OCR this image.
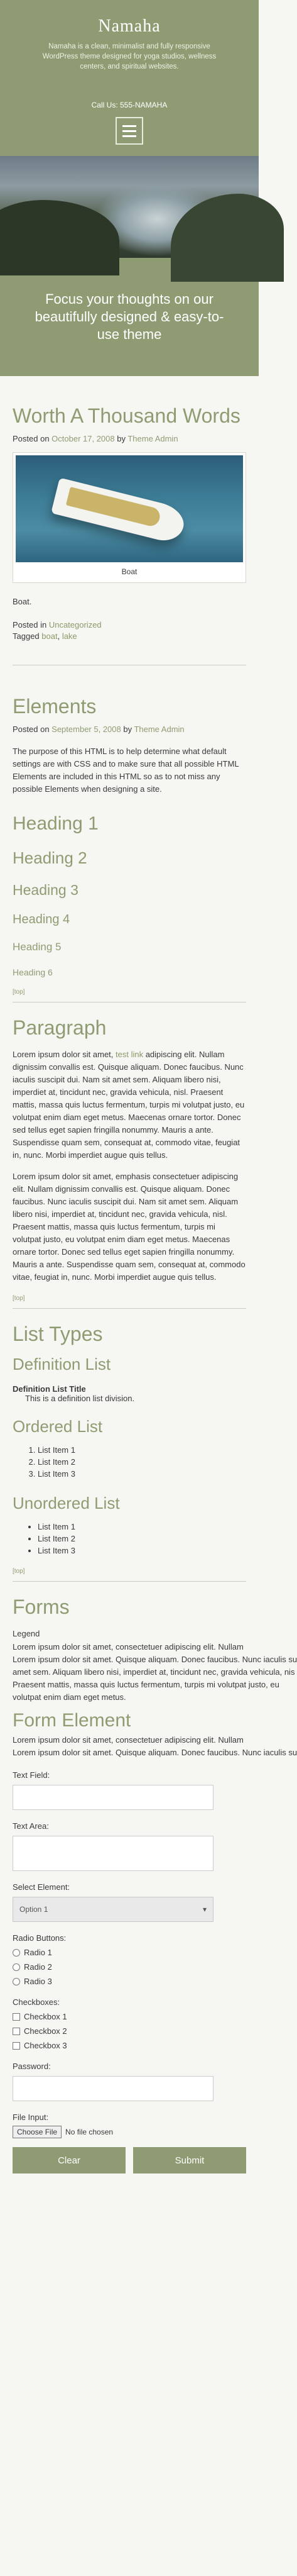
Namaha

Namaha is a clean, minimalist and fully responsive WordPress theme designed for yoga studios, wellness centers, and spiritual websites.

Call Us: 555-NAMAHA
Focus your thoughts on our beautifully designed & easy-to-use theme
Worth A Thousand Words
Posted on October 17, 2008 by Theme Admin
Boat

Boat.

Posted in Uncategorized
Tagged boat, lake
Elements
Posted on September 5, 2008 by Theme Admin

The purpose of this HTML is to help determine what default settings are with CSS and to make sure that all possible HTML Elements are included in this HTML so as to not miss any possible Elements when designing a site.

Heading 1
Heading 2
Heading 3
Heading 4
Heading 5
Heading 6
[top]
Paragraph

Lorem ipsum dolor sit amet, test link adipiscing elit. Nullam dignissim convallis est. Quisque aliquam. Donec faucibus. Nunc iaculis suscipit dui. Nam sit amet sem. Aliquam libero nisi, imperdiet at, tincidunt nec, gravida vehicula, nisl. Praesent mattis, massa quis luctus fermentum, turpis mi volutpat justo, eu volutpat enim diam eget metus. Maecenas ornare tortor. Donec sed tellus eget sapien fringilla nonummy. Mauris a ante. Suspendisse quam sem, consequat at, commodo vitae, feugiat in, nunc. Morbi imperdiet augue quis tellus.

Lorem ipsum dolor sit amet, emphasis consectetuer adipiscing elit. Nullam dignissim convallis est. Quisque aliquam. Donec faucibus. Nunc iaculis suscipit dui. Nam sit amet sem. Aliquam libero nisi, imperdiet at, tincidunt nec, gravida vehicula, nisl. Praesent mattis, massa quis luctus fermentum, turpis mi volutpat justo, eu volutpat enim diam eget metus. Maecenas ornare tortor. Donec sed tellus eget sapien fringilla nonummy. Mauris a ante. Suspendisse quam sem, consequat at, commodo vitae, feugiat in, nunc. Morbi imperdiet augue quis tellus.

[top]
List Types
Definition List
Definition List Title
This is a definition list division.
Ordered List
1. List Item 1
2. List Item 2
3. List Item 3
Unordered List
• List Item 1
• List Item 2
• List Item 3
[top]
Forms
Legend
Lorem ipsum dolor sit amet, consectetuer adipiscing elit. Nullam
Lorem ipsum dolor sit amet. Quisque aliquam. Donec faucibus. Nunc iaculis su
amet sem. Aliquam libero nisi, imperdiet at, tincidunt nec, gravida vehicula, nis
Praesent mattis, massa quis luctus fermentum, turpis mi volutpat justo, eu
volutpat enim diam eget metus.
Form Element
Lorem ipsum dolor sit amet, consectetuer adipiscing elit. Nullam
Lorem ipsum dolor sit amet. Quisque aliquam. Donec faucibus. Nunc iaculis su
Text Field:
Text Area:
Select Element:
Option 1	▾
Radio Buttons:
Radio 1
Radio 2
Radio 3
Checkboxes:
Checkbox 1
Checkbox 2
Checkbox 3
Password:
File Input:
Choose File	No file chosen
Clear	Submit
